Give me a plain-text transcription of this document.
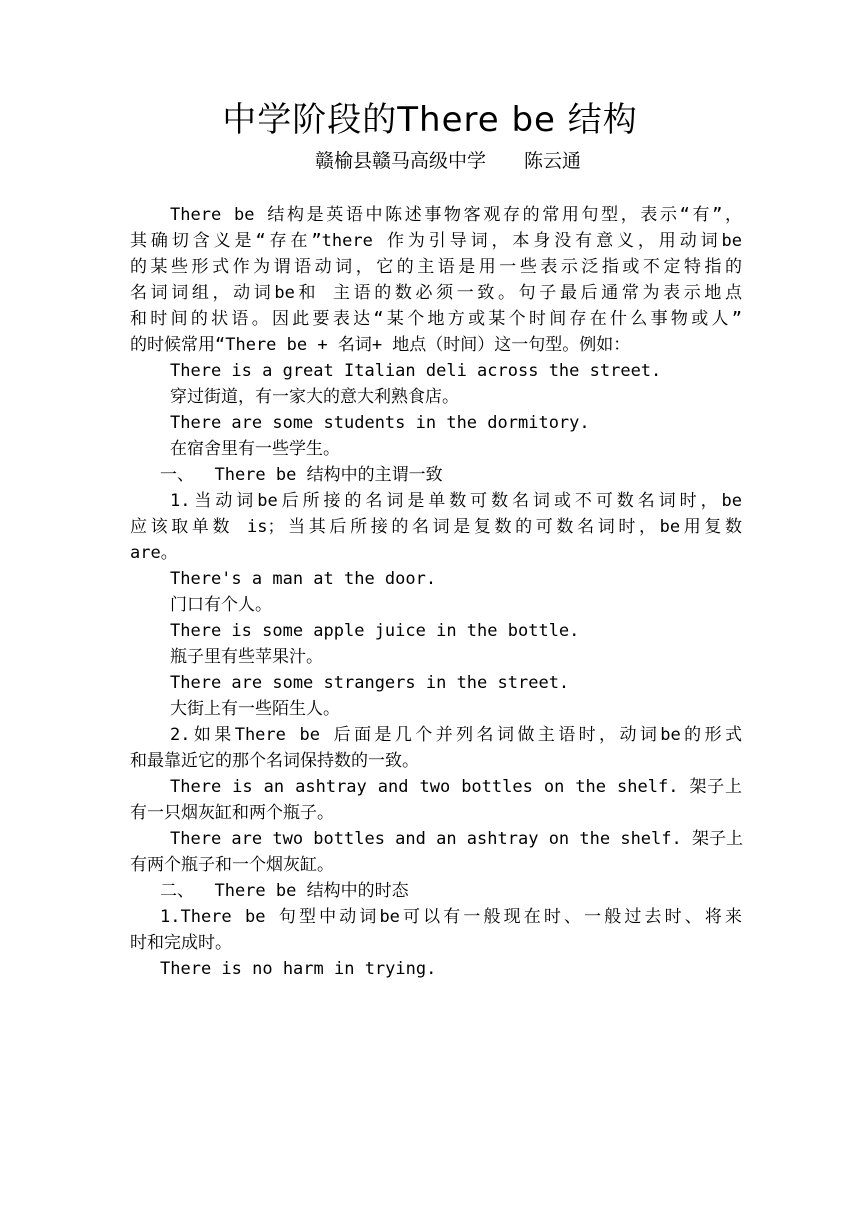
中学阶段的There be 结构
赣榆县赣马高级中学 陈云通
There be 结构是英语中陈述事物客观存的常用句型，表示“有”，
其确切含义是“存在”there 作为引导词，本身没有意义，用动词be
的某些形式作为谓语动词，它的主语是用一些表示泛指或不定特指的
名词词组，动词be和 主语的数必须一致。句子最后通常为表示地点
和时间的状语。因此要表达“某个地方或某个时间存在什么事物或人”
的时候常用“There be + 名词+ 地点（时间）这一句型。例如：
There is a great Italian deli across the street.
穿过街道，有一家大的意大利熟食店。
There are some students in the dormitory.
在宿舍里有一些学生。
一、  There be 结构中的主谓一致
1.当动词be后所接的名词是单数可数名词或不可数名词时，be
应该取单数 is；当其后所接的名词是复数的可数名词时，be用复数
are。
There's a man at the door.
门口有个人。
There is some apple juice in the bottle.
瓶子里有些苹果汁。
There are some strangers in the street.
大街上有一些陌生人。
2.如果There be 后面是几个并列名词做主语时，动词be的形式
和最靠近它的那个名词保持数的一致。
There is an ashtray and two bottles on the shelf. 架子上
有一只烟灰缸和两个瓶子。
There are two bottles and an ashtray on the shelf. 架子上
有两个瓶子和一个烟灰缸。
二、  There be 结构中的时态
1.There be 句型中动词be可以有一般现在时、一般过去时、将来
时和完成时。
There is no harm in trying.
